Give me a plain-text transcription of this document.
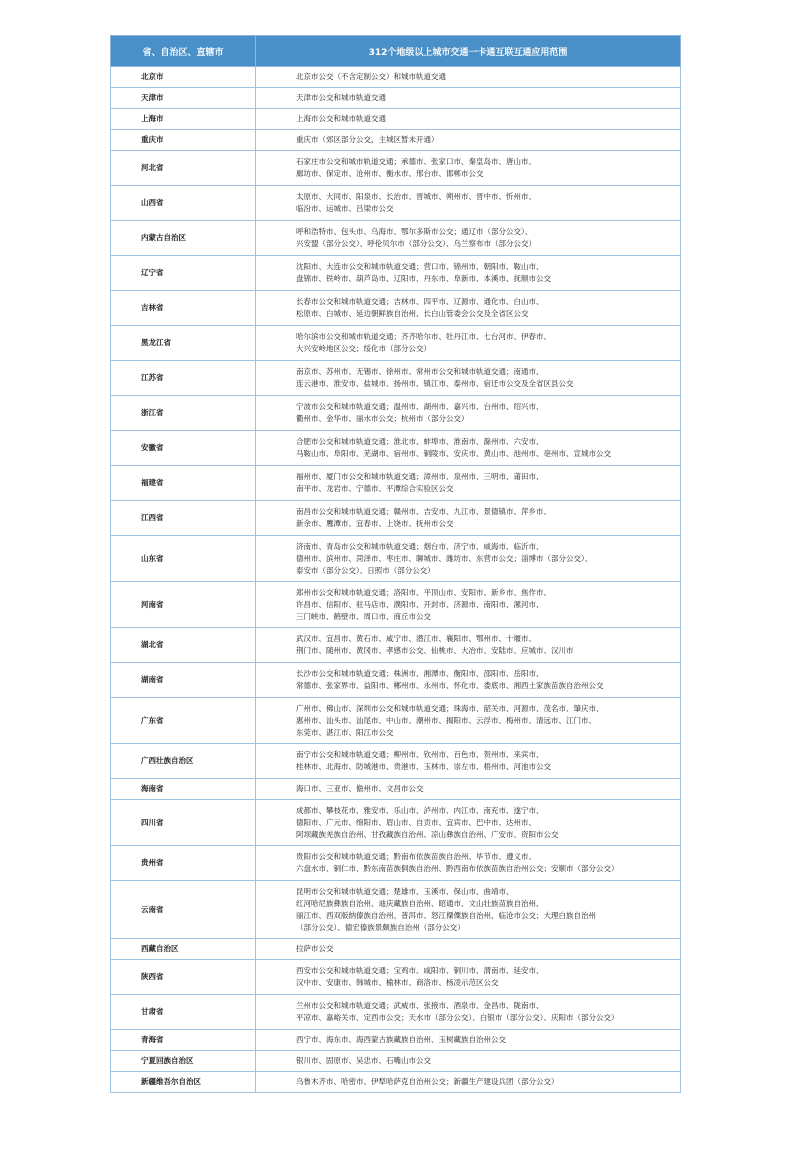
省、自治区、直辖市	312个地级以上城市交通一卡通互联互通应用范围
北京市	北京市公交（不含定制公交）和城市轨道交通

天津市	天津市公交和城市轨道交通

上海市	上海市公交和城市轨道交通

重庆市	重庆市（郊区部分公交，主城区暂未开通）

河北省	石家庄市公交和城市轨道交通；承德市、张家口市、秦皇岛市、唐山市、
廊坊市、保定市、沧州市、衡水市、邢台市、邯郸市公交

山西省	太原市、大同市、阳泉市、长治市、晋城市、朔州市、晋中市、忻州市、
临汾市、运城市、吕梁市公交

内蒙古自治区	呼和浩特市、包头市、乌海市、鄂尔多斯市公交；通辽市（部分公交）、
兴安盟（部分公交）、呼伦贝尔市（部分公交）、乌兰察布市（部分公交）

辽宁省	沈阳市、大连市公交和城市轨道交通；营口市、锦州市、朝阳市、鞍山市、
盘锦市、铁岭市、葫芦岛市、辽阳市、丹东市、阜新市、本溪市、抚顺市公交

吉林省	长春市公交和城市轨道交通；吉林市、四平市、辽源市、通化市、白山市、
松原市、白城市、延边朝鲜族自治州、长白山管委会公交及全省区公交

黑龙江省	哈尔滨市公交和城市轨道交通；齐齐哈尔市、牡丹江市、七台河市、伊春市、
大兴安岭地区公交；绥化市（部分公交）

江苏省	南京市、苏州市、无锡市、徐州市、常州市公交和城市轨道交通；南通市、
连云港市、淮安市、盐城市、扬州市、镇江市、泰州市、宿迁市公交及全省区县公交

浙江省	宁波市公交和城市轨道交通；温州市、湖州市、嘉兴市、台州市、绍兴市、
衢州市、金华市、丽水市公交；杭州市（部分公交）

安徽省	合肥市公交和城市轨道交通；淮北市、蚌埠市、淮南市、滁州市、六安市、
马鞍山市、阜阳市、芜湖市、宿州市、铜陵市、安庆市、黄山市、池州市、亳州市、宣城市公交

福建省	福州市、厦门市公交和城市轨道交通；漳州市、泉州市、三明市、莆田市、
南平市、龙岩市、宁德市、平潭综合实验区公交

江西省	南昌市公交和城市轨道交通；赣州市、吉安市、九江市、景德镇市、萍乡市、
新余市、鹰潭市、宜春市、上饶市、抚州市公交

山东省	济南市、青岛市公交和城市轨道交通；烟台市、济宁市、威海市、临沂市、
德州市、滨州市、菏泽市、枣庄市、聊城市、潍坊市、东营市公交；淄博市（部分公交）、
泰安市（部分公交）、日照市（部分公交）

河南省	郑州市公交和城市轨道交通；洛阳市、平顶山市、安阳市、新乡市、焦作市、
许昌市、信阳市、驻马店市、濮阳市、开封市、济源市、南阳市、漯河市、
三门峡市、鹤壁市、周口市、商丘市公交

湖北省	武汉市、宜昌市、黄石市、咸宁市、潜江市、襄阳市、鄂州市、十堰市、
荆门市、随州市、黄冈市、孝感市公交、仙桃市、大冶市、安陆市、应城市、汉川市

湖南省	长沙市公交和城市轨道交通；株洲市、湘潭市、衡阳市、邵阳市、岳阳市、
常德市、张家界市、益阳市、郴州市、永州市、怀化市、娄底市、湘西土家族苗族自治州公交

广东省	广州市、佛山市、深圳市公交和城市轨道交通；珠海市、韶关市、河源市、茂名市、肇庆市、
惠州市、汕头市、汕尾市、中山市、潮州市、揭阳市、云浮市、梅州市、清远市、江门市、
东莞市、湛江市、阳江市公交

广西壮族自治区	南宁市公交和城市轨道交通；柳州市、钦州市、百色市、贺州市、来宾市、
桂林市、北海市、防城港市、贵港市、玉林市、崇左市、梧州市、河池市公交

海南省	海口市、三亚市、儋州市、文昌市公交

四川省	成都市、攀枝花市、雅安市、乐山市、泸州市、内江市、南充市、遂宁市、
德阳市、广元市、绵阳市、眉山市、自贡市、宜宾市、巴中市、达州市、
阿坝藏族羌族自治州、甘孜藏族自治州、凉山彝族自治州、广安市、资阳市公交

贵州省	贵阳市公交和城市轨道交通；黔南布依族苗族自治州、毕节市、遵义市、
六盘水市、铜仁市、黔东南苗族侗族自治州、黔西南布依族苗族自治州公交；安顺市（部分公交）

云南省	昆明市公交和城市轨道交通；楚雄市、玉溪市、保山市、曲靖市、
红河哈尼族彝族自治州、迪庆藏族自治州、昭通市、文山壮族苗族自治州、
丽江市、西双版纳傣族自治州、普洱市、怒江傈僳族自治州、临沧市公交；大理白族自治州
（部分公交）、德宏傣族景颇族自治州（部分公交）

西藏自治区	拉萨市公交

陕西省	西安市公交和城市轨道交通；宝鸡市、咸阳市、铜川市、渭南市、延安市、
汉中市、安康市、韩城市、榆林市、商洛市、杨凌示范区公交

甘肃省	兰州市公交和城市轨道交通；武威市、张掖市、酒泉市、金昌市、陇南市、
平凉市、嘉峪关市、定西市公交；天水市（部分公交）、白银市（部分公交）、庆阳市（部分公交）

青海省	西宁市、海东市、海西蒙古族藏族自治州、玉树藏族自治州公交

宁夏回族自治区	银川市、固原市、吴忠市、石嘴山市公交

新疆维吾尔自治区	乌鲁木齐市、哈密市、伊犁哈萨克自治州公交；新疆生产建设兵团（部分公交）
